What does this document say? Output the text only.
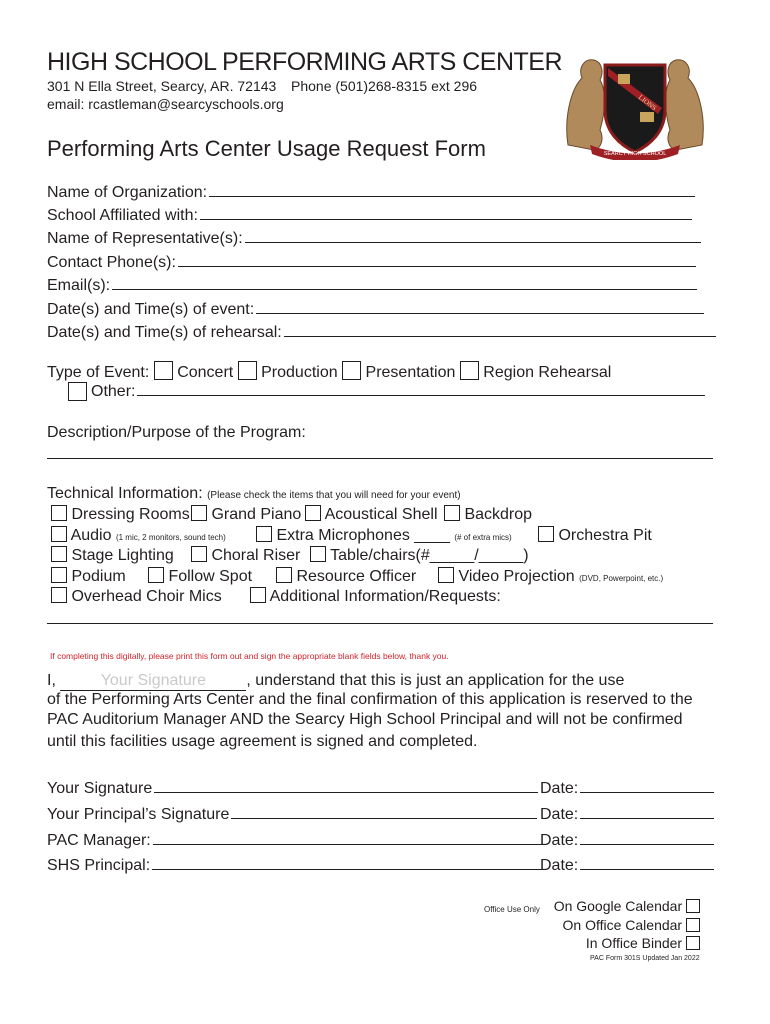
HIGH SCHOOL PERFORMING ARTS CENTER
301 N Ella Street, Searcy, AR. 72143 Phone (501)268-8315 ext 296
email: rcastleman@searcyschools.org	LIONS
SEARCY HIGH SCHOOL
Performing Arts Center Usage Request Form
Name of Organization:
School Affiliated with:
Name of Representative(s):
Contact Phone(s):
Email(s):
Date(s) and Time(s) of event:
Date(s) and Time(s) of rehearsal:
Type of Event: Concert Production Presentation Region Rehearsal
Other:
Description/Purpose of the Program:
Technical Information: (Please check the items that you will need for your event)
Dressing Rooms	Grand Piano	Acoustical Shell	Backdrop
Audio (1 mic, 2 monitors, sound tech)	Extra Microphones ____ (# of extra mics)	Orchestra Pit
Stage Lighting	Choral Riser	Table/chairs(#_____/_____)
Podium	Follow Spot	Resource Officer	Video Projection (DVD, Powerpoint, etc.)
Overhead Choir Mics	Additional Information/Requests:
If completing this digitally, please print this form out and sign the appropriate blank fields below, thank you.
I,	Your Signature	, understand that this is just an application for the use
of the Performing Arts Center and the final confirmation of this application is reserved to the
PAC Auditorium Manager AND the Searcy High School Principal and will not be confirmed
until this facilities usage agreement is signed and completed.
Your Signature	Date:
Your Principal’s Signature	Date:
PAC Manager:	Date:
SHS Principal:	Date:
Office Use Only On Google Calendar
On Office Calendar
In Office Binder
PAC Form 301S Updated Jan 2022
